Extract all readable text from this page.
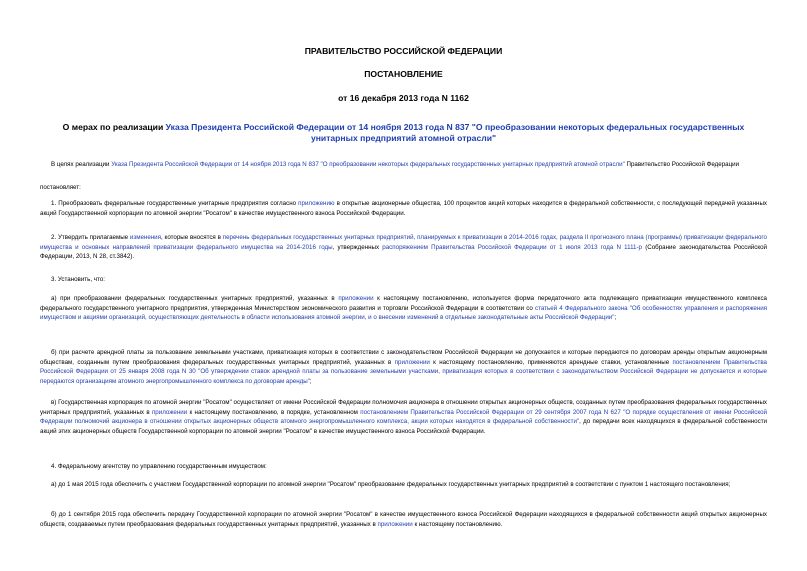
ПРАВИТЕЛЬСТВО РОССИЙСКОЙ ФЕДЕРАЦИИ
ПОСТАНОВЛЕНИЕ
от 16 декабря 2013 года N 1162
О мерах по реализации Указа Президента Российской Федерации от 14 ноября 2013 года N 837 "О преобразовании некоторых федеральных государственных унитарных предприятий атомной отрасли"

В целях реализации Указа Президента Российской Федерации от 14 ноября 2013 года N 837 "О преобразовании некоторых федеральных государственных унитарных предприятий атомной отрасли" Правительство Российской Федерации

постановляет:

1. Преобразовать федеральные государственные унитарные предприятия согласно приложению в открытые акционерные общества, 100 процентов акций которых находится в федеральной собственности, с последующей передачей указанных акций Государственной корпорации по атомной энергии "Росатом" в качестве имущественного взноса Российской Федерации.

2. Утвердить прилагаемые изменения, которые вносятся в перечень федеральных государственных унитарных предприятий, планируемых к приватизации в 2014-2016 годах, раздела II прогнозного плана (программы) приватизации федерального имущества и основных направлений приватизации федерального имущества на 2014-2016 годы, утвержденных распоряжением Правительства Российской Федерации от 1 июля 2013 года N 1111-р (Собрание законодательства Российской Федерации, 2013, N 28, ст.3842).

3. Установить, что:

а) при преобразовании федеральных государственных унитарных предприятий, указанных в приложении к настоящему постановлению, используется форма передаточного акта подлежащего приватизации имущественного комплекса федерального государственного унитарного предприятия, утвержденная Министерством экономического развития и торговли Российской Федерации в соответствии со статьей 4 Федерального закона "Об особенностях управления и распоряжения имуществом и акциями организаций, осуществляющих деятельность в области использования атомной энергии, и о внесении изменений в отдельные законодательные акты Российской Федерации";

б) при расчете арендной платы за пользование земельными участками, приватизация которых в соответствии с законодательством Российской Федерации не допускается и которые передаются по договорам аренды открытым акционерным обществам, созданным путем преобразования федеральных государственных унитарных предприятий, указанных в приложении к настоящему постановлению, применяются арендные ставки, установленные постановлением Правительства Российской Федерации от 25 января 2008 года N 30 "Об утверждении ставок арендной платы за пользование земельными участками, приватизация которых в соответствии с законодательством Российской Федерации не допускается и которые передаются организациям атомного энергопромышленного комплекса по договорам аренды";

в) Государственная корпорация по атомной энергии "Росатом" осуществляет от имени Российской Федерации полномочия акционера в отношении открытых акционерных обществ, созданных путем преобразования федеральных государственных унитарных предприятий, указанных в приложении к настоящему постановлению, в порядке, установленном постановлением Правительства Российской Федерации от 29 сентября 2007 года N 627 "О порядке осуществления от имени Российской Федерации полномочий акционера в отношении открытых акционерных обществ атомного энергопромышленного комплекса, акции которых находятся в федеральной собственности", до передачи всех находящихся в федеральной собственности акций этих акционерных обществ Государственной корпорации по атомной энергии "Росатом" в качестве имущественного взноса Российской Федерации.

4. Федеральному агентству по управлению государственным имуществом:

а) до 1 мая 2015 года обеспечить с участием Государственной корпорации по атомной энергии "Росатом" преобразование федеральных государственных унитарных предприятий в соответствии с пунктом 1 настоящего постановления;

б) до 1 сентября 2015 года обеспечить передачу Государственной корпорации по атомной энергии "Росатом" в качестве имущественного взноса Российской Федерации находящихся в федеральной собственности акций открытых акционерных обществ, создаваемых путем преобразования федеральных государственных унитарных предприятий, указанных в приложении к настоящему постановлению.
